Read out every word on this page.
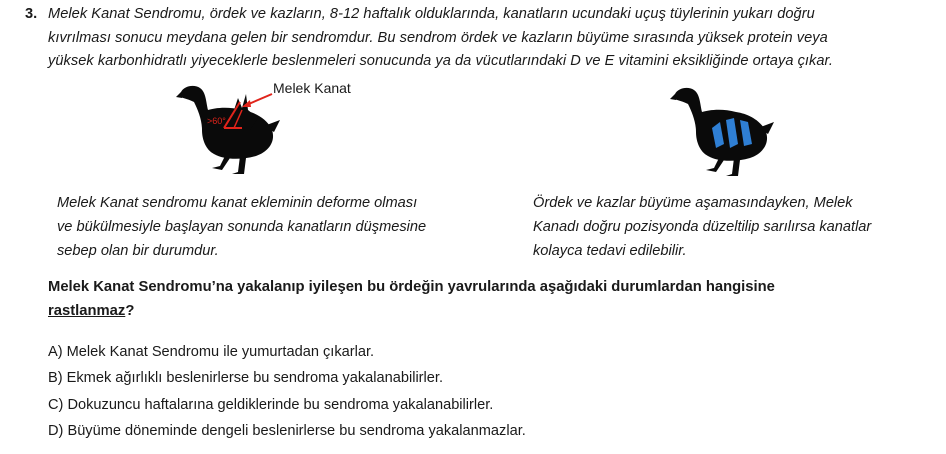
3. Melek Kanat Sendromu, ördek ve kazların, 8-12 haftalık olduklarında, kanatların ucundaki uçuş tüylerinin yukarı doğru
kıvrılması sonucu meydana gelen bir sendromdur. Bu sendrom ördek ve kazların büyüme sırasında yüksek protein veya
yüksek karbonhidratlı yiyeceklerle beslenmeleri sonucunda ya da vücutlarındaki D ve E vitamini eksikliğinde ortaya çıkar.
>60°
Melek Kanat
Melek Kanat sendromu kanat ekleminin deforme olması
ve bükülmesiyle başlayan sonunda kanatların düşmesine
sebep olan bir durumdur.
Ördek ve kazlar büyüme aşamasındayken, Melek
Kanadı doğru pozisyonda düzeltilip sarılırsa kanatlar
kolayca tedavi edilebilir.
Melek Kanat Sendromu’na yakalanıp iyileşen bu ördeğin yavrularında aşağıdaki durumlardan hangisine
rastlanmaz?
A) Melek Kanat Sendromu ile yumurtadan çıkarlar.
B) Ekmek ağırlıklı beslenirlerse bu sendroma yakalanabilirler.
C) Dokuzuncu haftalarına geldiklerinde bu sendroma yakalanabilirler.
D) Büyüme döneminde dengeli beslenirlerse bu sendroma yakalanmazlar.
